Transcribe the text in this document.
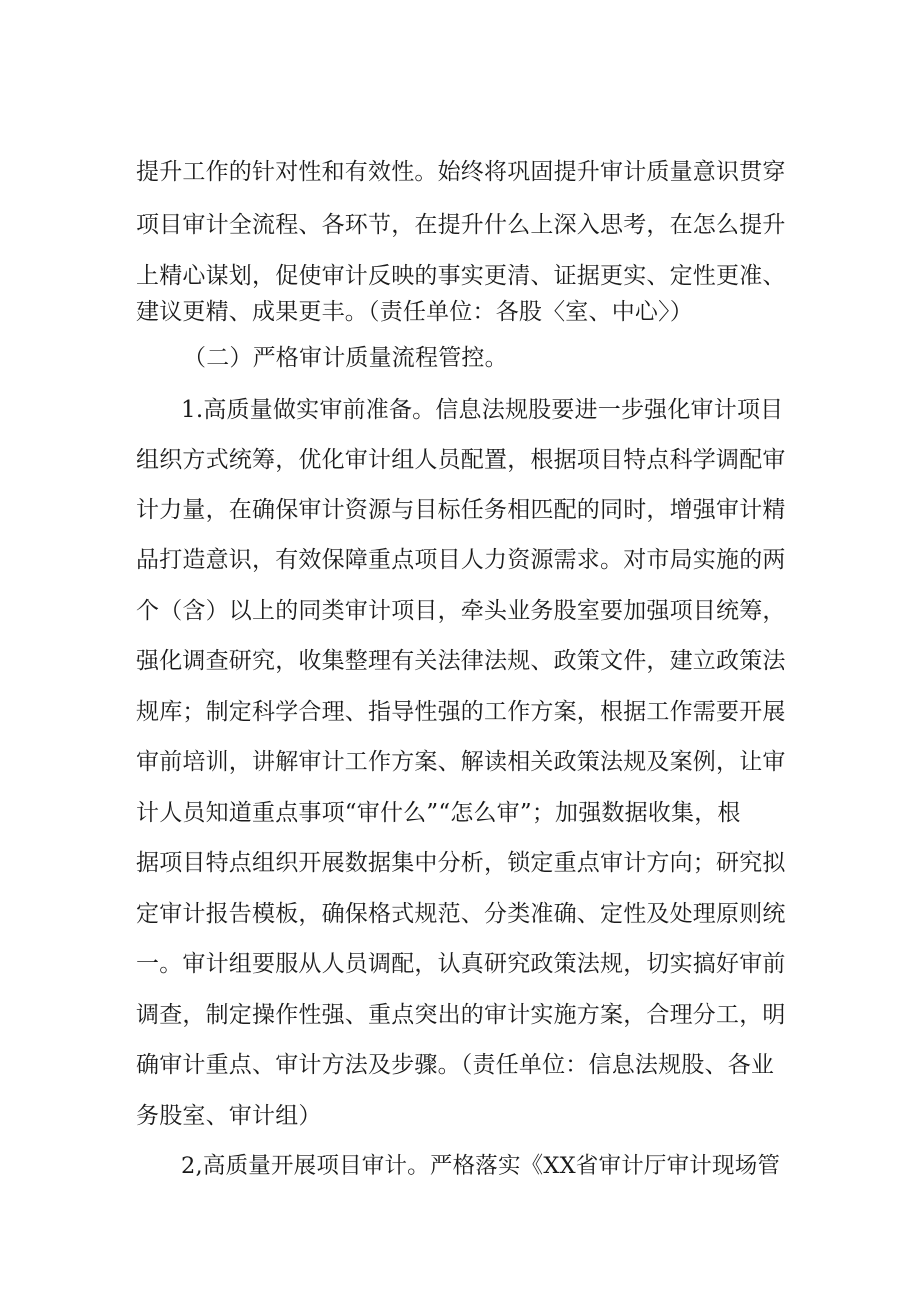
提升工作的针对性和有效性。始终将巩固提升审计质量意识贯穿
项目审计全流程、各环节，在提升什么上深入思考，在怎么提升
上精心谋划，促使审计反映的事实更清、证据更实、定性更准、
建议更精、成果更丰。（责任单位：各股〈室、中心〉）
（二）严格审计质量流程管控。
1.高质量做实审前准备。信息法规股要进一步强化审计项目
组织方式统筹，优化审计组人员配置，根据项目特点科学调配审
计力量，在确保审计资源与目标任务相匹配的同时，增强审计精
品打造意识，有效保障重点项目人力资源需求。对市局实施的两
个（含）以上的同类审计项目，牵头业务股室要加强项目统筹，
强化调查研究，收集整理有关法律法规、政策文件，建立政策法
规库；制定科学合理、指导性强的工作方案，根据工作需要开展
审前培训，讲解审计工作方案、解读相关政策法规及案例，让审
计人员知道重点事项“审什么”“怎么审”；加强数据收集，根
据项目特点组织开展数据集中分析，锁定重点审计方向；研究拟
定审计报告模板，确保格式规范、分类准确、定性及处理原则统
一。审计组要服从人员调配，认真研究政策法规，切实搞好审前
调查，制定操作性强、重点突出的审计实施方案，合理分工，明
确审计重点、审计方法及步骤。（责任单位：信息法规股、各业
务股室、审计组）
2,高质量开展项目审计。严格落实《XX省审计厅审计现场管
